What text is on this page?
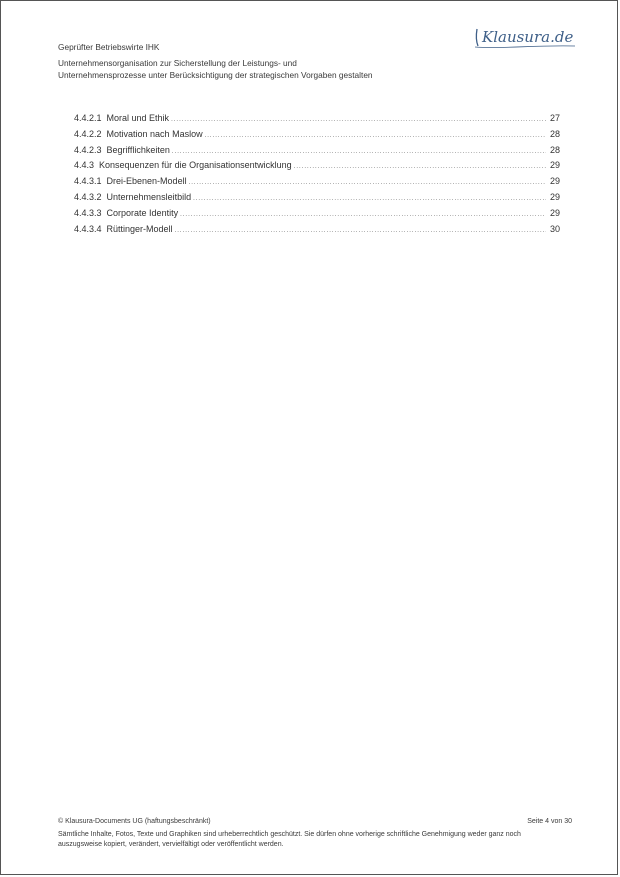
Geprüfter Betriebswirte IHK
Unternehmensorganisation zur Sicherstellung der Leistungs- und
Unternehmensprozesse unter Berücksichtigung der strategischen Vorgaben gestalten
Klausura.de
4.4.2.1 Moral und Ethik .....	27
4.4.2.2 Motivation nach Maslow .....	28
4.4.2.3 Begrifflichkeiten .....	28
4.4.3 Konsequenzen für die Organisationsentwicklung .....	29
4.4.3.1 Drei-Ebenen-Modell .....	29
4.4.3.2 Unternehmensleitbild .....	29
4.4.3.3 Corporate Identity .....	29
4.4.3.4 Rüttinger-Modell .....	30
© Klausura-Documents UG (haftungsbeschränkt)	Seite 4 von 30
Sämtliche Inhalte, Fotos, Texte und Graphiken sind urheberrechtlich geschützt. Sie dürfen ohne vorherige schriftliche Genehmigung weder ganz noch
auszugsweise kopiert, verändert, vervielfältigt oder veröffentlicht werden.
